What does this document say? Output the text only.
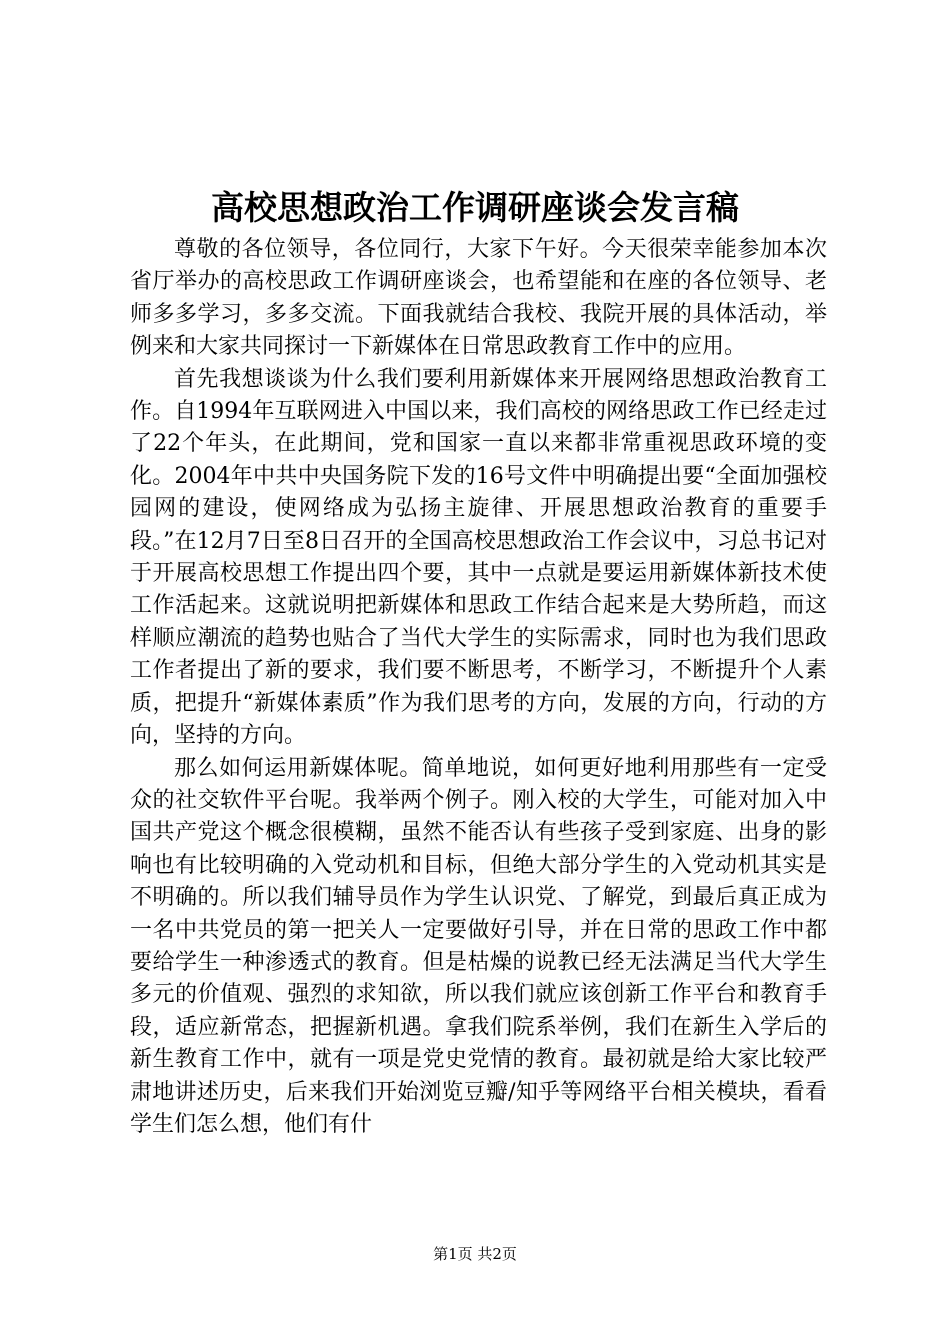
高校思想政治工作调研座谈会发言稿

尊敬的各位领导，各位同行，大家下午好。今天很荣幸能参加本次省厅举办的高校思政工作调研座谈会，也希望能和在座的各位领导、老师多多学习，多多交流。下面我就结合我校、我院开展的具体活动，举例来和大家共同探讨一下新媒体在日常思政教育工作中的应用。

首先我想谈谈为什么我们要利用新媒体来开展网络思想政治教育工作。自1994年互联网进入中国以来，我们高校的网络思政工作已经走过了22个年头，在此期间，党和国家一直以来都非常重视思政环境的变化。2004年中共中央国务院下发的16号文件中明确提出要“全面加强校园网的建设，使网络成为弘扬主旋律、开展思想政治教育的重要手段。”在12月7日至8日召开的全国高校思想政治工作会议中，习总书记对于开展高校思想工作提出四个要，其中一点就是要运用新媒体新技术使工作活起来。这就说明把新媒体和思政工作结合起来是大势所趋，而这样顺应潮流的趋势也贴合了当代大学生的实际需求，同时也为我们思政工作者提出了新的要求，我们要不断思考，不断学习，不断提升个人素质，把提升“新媒体素质”作为我们思考的方向，发展的方向，行动的方向，坚持的方向。

那么如何运用新媒体呢。简单地说，如何更好地利用那些有一定受众的社交软件平台呢。我举两个例子。刚入校的大学生，可能对加入中国共产党这个概念很模糊，虽然不能否认有些孩子受到家庭、出身的影响也有比较明确的入党动机和目标，但绝大部分学生的入党动机其实是不明确的。所以我们辅导员作为学生认识党、了解党，到最后真正成为一名中共党员的第一把关人一定要做好引导，并在日常的思政工作中都要给学生一种渗透式的教育。但是枯燥的说教已经无法满足当代大学生多元的价值观、强烈的求知欲，所以我们就应该创新工作平台和教育手段，适应新常态，把握新机遇。拿我们院系举例，我们在新生入学后的新生教育工作中，就有一项是党史党情的教育。最初就是给大家比较严肃地讲述历史，后来我们开始浏览豆瓣/知乎等网络平台相关模块，看看学生们怎么想，他们有什

第1页 共2页
